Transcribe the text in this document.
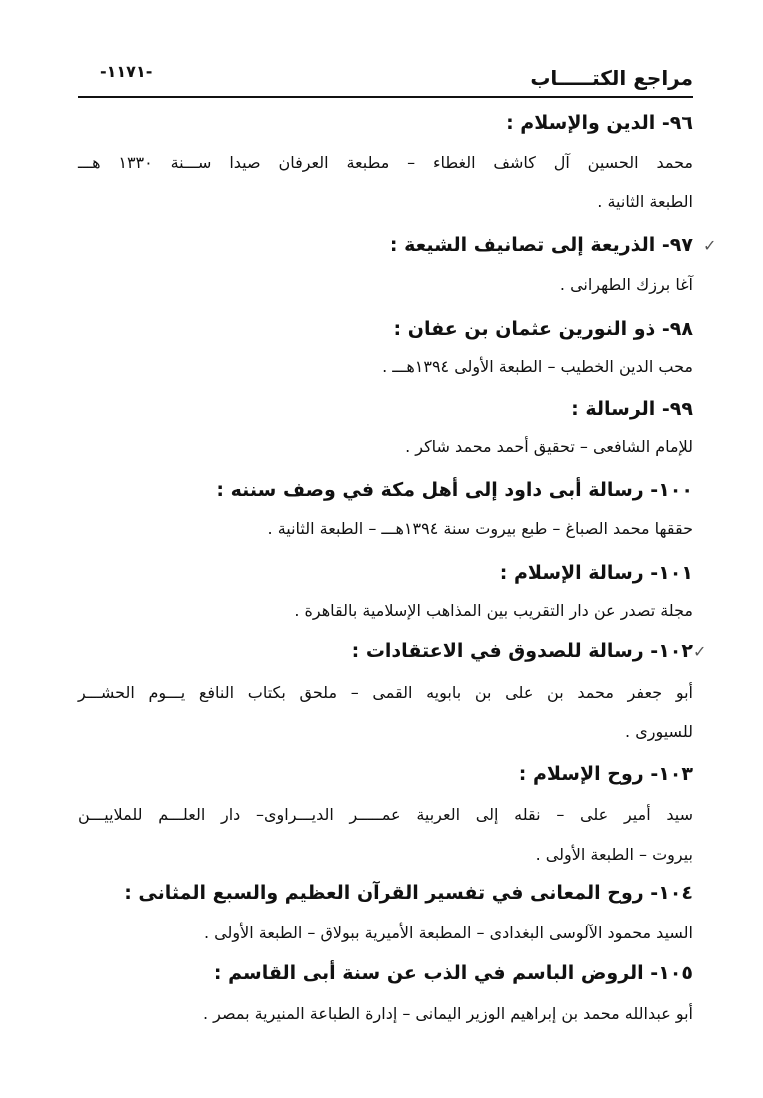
مراجع الكتـــــاب
-١١٧١-
٩٦- الدين والإسلام :
محمد الحسين آل كاشف الغطاء – مطبعة العرفان صيدا ســـنة ١٣٣٠ هـــ
الطبعة الثانية .
٩٧- الذريعة إلى تصانيف الشيعة : ✓
آغا برزك الطهرانى .
٩٨- ذو النورين عثمان بن عفان :
محب الدين الخطيب – الطبعة الأولى ١٣٩٤هـــ .
٩٩- الرسالة :
للإمام الشافعى – تحقيق أحمد محمد شاكر .
١٠٠- رسالة أبى داود إلى أهل مكة في وصف سننه :
حققها محمد الصباغ – طبع بيروت سنة ١٣٩٤هـــ – الطبعة الثانية .
١٠١- رسالة الإسلام :
مجلة تصدر عن دار التقريب بين المذاهب الإسلامية بالقاهرة .
١٠٢- رسالة للصدوق في الاعتقادات : ✓
أبو جعفر محمد بن على بن بابويه القمى – ملحق بكتاب النافع يـــوم الحشـــر
للسيورى .
١٠٣- روح الإسلام :
سيد أمير على – نقله إلى العربية عمـــــر الديـــراوى– دار العلـــم للملاييـــن
بيروت – الطبعة الأولى .
١٠٤- روح المعانى في تفسير القرآن العظيم والسبع المثانى :
السيد محمود الآلوسى البغدادى – المطبعة الأميرية ببولاق – الطبعة الأولى .
١٠٥- الروض الباسم في الذب عن سنة أبى القاسم :
أبو عبدالله محمد بن إبراهيم الوزير اليمانى – إدارة الطباعة المنيرية بمصر .
